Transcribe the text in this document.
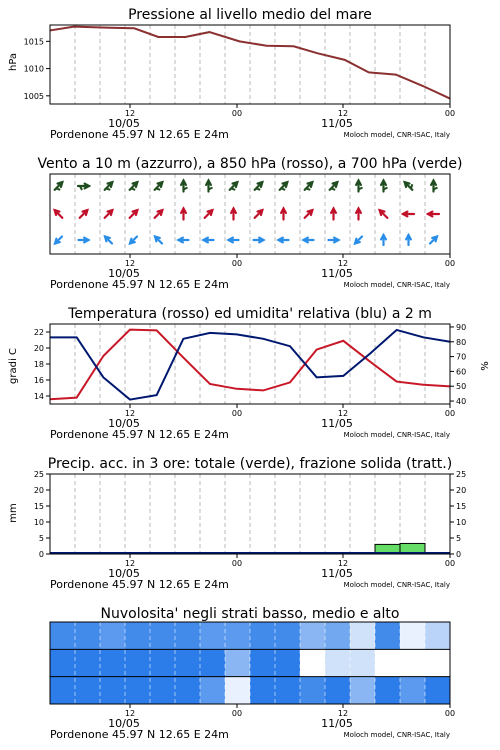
Pressione al livello medio del mare
Vento a 10 m (azzurro), a 850 hPa (rosso), a 700 hPa (verde)
Temperatura (rosso) ed umidita' relativa (blu) a 2 m
Precip. acc. in 3 ore: totale (verde), frazione solida (tratt.)
Nuvolosita' negli strati basso, medio e alto
hPa
gradi C	%
mm
1015
1010
1005
12	00	12	00
10/05	11/05
Pordenone 45.97 N 12.65 E 24m	Moloch model, CNR-ISAC, Italy
12	00	12	00
10/05	11/05
Pordenone 45.97 N 12.65 E 24m	Moloch model, CNR-ISAC, Italy
22
20
18
16
14
90
80
70
60
50
40
12	00	12	00
10/05	11/05
Pordenone 45.97 N 12.65 E 24m	Moloch model, CNR-ISAC, Italy
25	25
20	20
15	15
10	10
5	5
0	0
12	00	12	00
10/05	11/05
Pordenone 45.97 N 12.65 E 24m	Moloch model, CNR-ISAC, Italy
12	00	12	00
10/05	11/05
Pordenone 45.97 N 12.65 E 24m	Moloch model, CNR-ISAC, Italy
